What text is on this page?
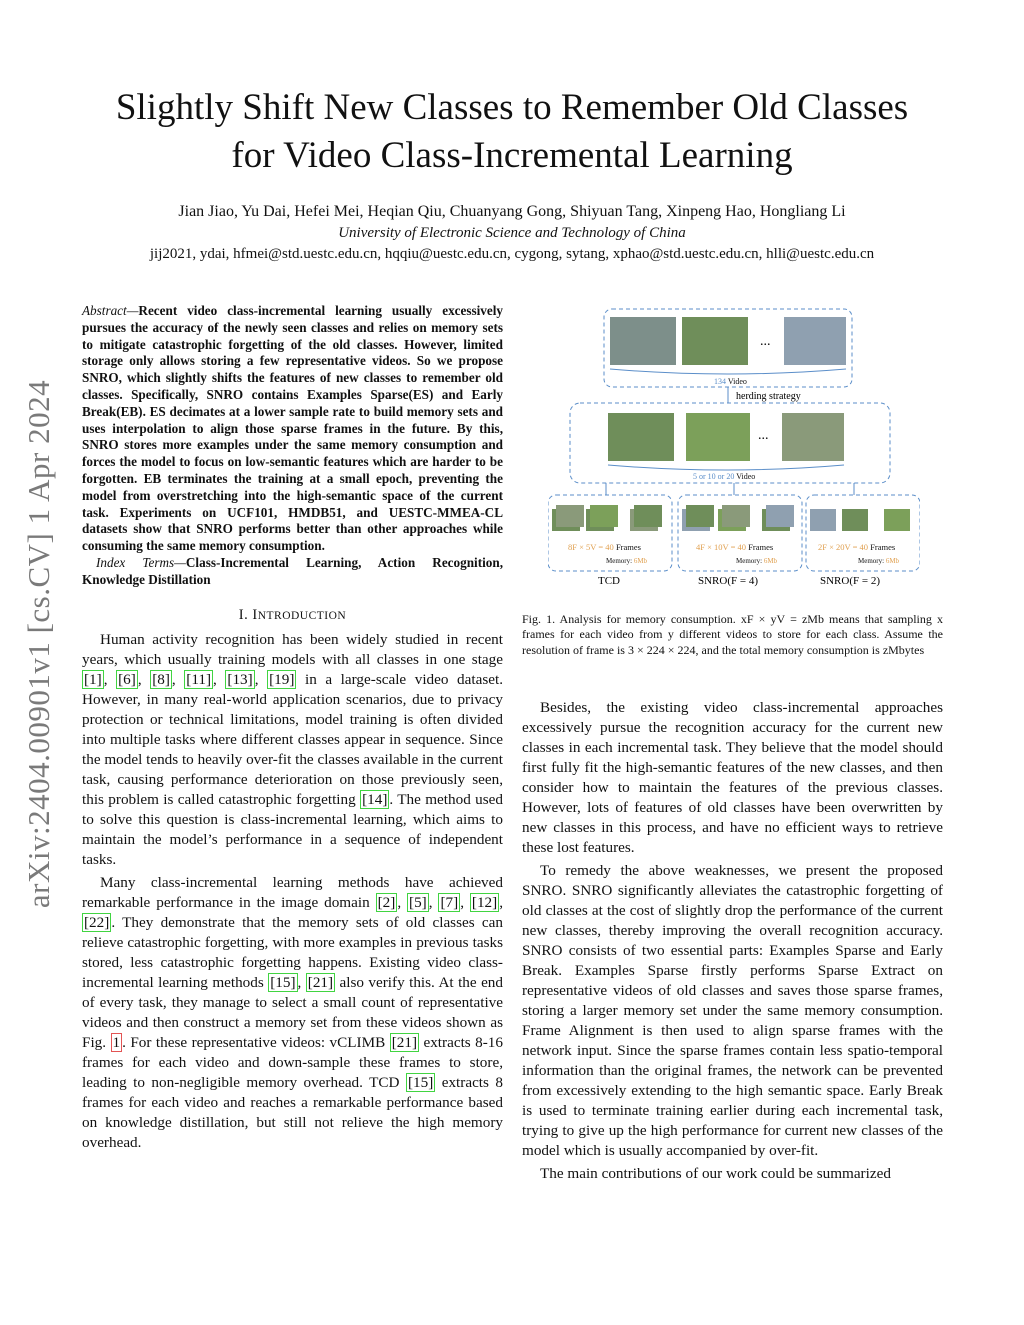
arXiv:2404.00901v1 [cs.CV] 1 Apr 2024
Slightly Shift New Classes to Remember Old Classes for Video Class-Incremental Learning
Jian Jiao, Yu Dai, Hefei Mei, Heqian Qiu, Chuanyang Gong, Shiyuan Tang, Xinpeng Hao, Hongliang Li
University of Electronic Science and Technology of China
jij2021, ydai, hfmei@std.uestc.edu.cn, hqqiu@uestc.edu.cn, cygong, sytang, xphao@std.uestc.edu.cn, hlli@uestc.edu.cn
Abstract—Recent video class-incremental learning usually excessively pursues the accuracy of the newly seen classes and relies on memory sets to mitigate catastrophic forgetting of the old classes. However, limited storage only allows storing a few representative videos. So we propose SNRO, which slightly shifts the features of new classes to remember old classes. Specifically, SNRO contains Examples Sparse(ES) and Early Break(EB). ES decimates at a lower sample rate to build memory sets and uses interpolation to align those sparse frames in the future. By this, SNRO stores more examples under the same memory consumption and forces the model to focus on low-semantic features which are harder to be forgotten. EB terminates the training at a small epoch, preventing the model from overstretching into the high-semantic space of the current task. Experiments on UCF101, HMDB51, and UESTC-MMEA-CL datasets show that SNRO performs better than other approaches while consuming the same memory consumption.
Index Terms—Class-Incremental Learning, Action Recognition, Knowledge Distillation
I. INTRODUCTION

Human activity recognition has been widely studied in recent years, which usually training models with all classes in one stage [1] , [6] , [8] , [11] , [13] , [19] in a large-scale video dataset. However, in many real-world application scenarios, due to privacy protection or technical limitations, model training is often divided into multiple tasks where different classes appear in sequence. Since the model tends to heavily over-fit the classes available in the current task, causing performance deterioration on those previously seen, this problem is called catastrophic forgetting [14] . The method used to solve this question is class-incremental learning, which aims to maintain the model’s performance in a sequence of independent tasks.

Many class-incremental learning methods have achieved remarkable performance in the image domain [2] , [5] , [7] , [12] , [22] . They demonstrate that the memory sets of old classes can relieve catastrophic forgetting, with more examples in previous tasks stored, less catastrophic forgetting happens. Existing video class-incremental learning methods [15] , [21] also verify this. At the end of every task, they manage to select a small count of representative videos and then construct a memory set from these videos shown as Fig. 1 . For these representative videos: vCLIMB [21] extracts 8-16 frames for each video and down-sample these frames to store, leading to non-negligible memory overhead. TCD [15] extracts 8 frames for each video and reaches a remarkable performance based on knowledge distillation, but still not relieve the high memory overhead.

...
134 Video
herding strategy
...
5 or 10 or 20 Video
8F × 5V = 40 Frames
Memory: 6Mb
4F × 10V = 40 Frames
Memory: 6Mb
2F × 20V = 40 Frames
Memory: 6Mb
TCD	SNRO(F = 4)	SNRO(F = 2)
Fig. 1. Analysis for memory consumption. xF × yV = zMb means that sampling x frames for each video from y different videos to store for each class. Assume the resolution of frame is 3 × 224 × 224, and the total memory consumption is zMbytes

Besides, the existing video class-incremental approaches excessively pursue the recognition accuracy for the current new classes in each incremental task. They believe that the model should first fully fit the high-semantic features of the new classes, and then consider how to maintain the features of the previous classes. However, lots of features of old classes have been overwritten by new classes in this process, and have no efficient ways to retrieve these lost features.

To remedy the above weaknesses, we present the proposed SNRO. SNRO significantly alleviates the catastrophic forgetting of old classes at the cost of slightly drop the performance of the current new classes, thereby improving the overall recognition accuracy. SNRO consists of two essential parts: Examples Sparse and Early Break. Examples Sparse firstly performs Sparse Extract on representative videos of old classes and saves those sparse frames, storing a larger memory set under the same memory consumption. Frame Alignment is then used to align sparse frames with the network input. Since the sparse frames contain less spatio-temporal information than the original frames, the network can be prevented from excessively extending to the high semantic space. Early Break is used to terminate training earlier during each incremental task, trying to give up the high performance for current new classes of the model which is usually accompanied by over-fit.

The main contributions of our work could be summarized
